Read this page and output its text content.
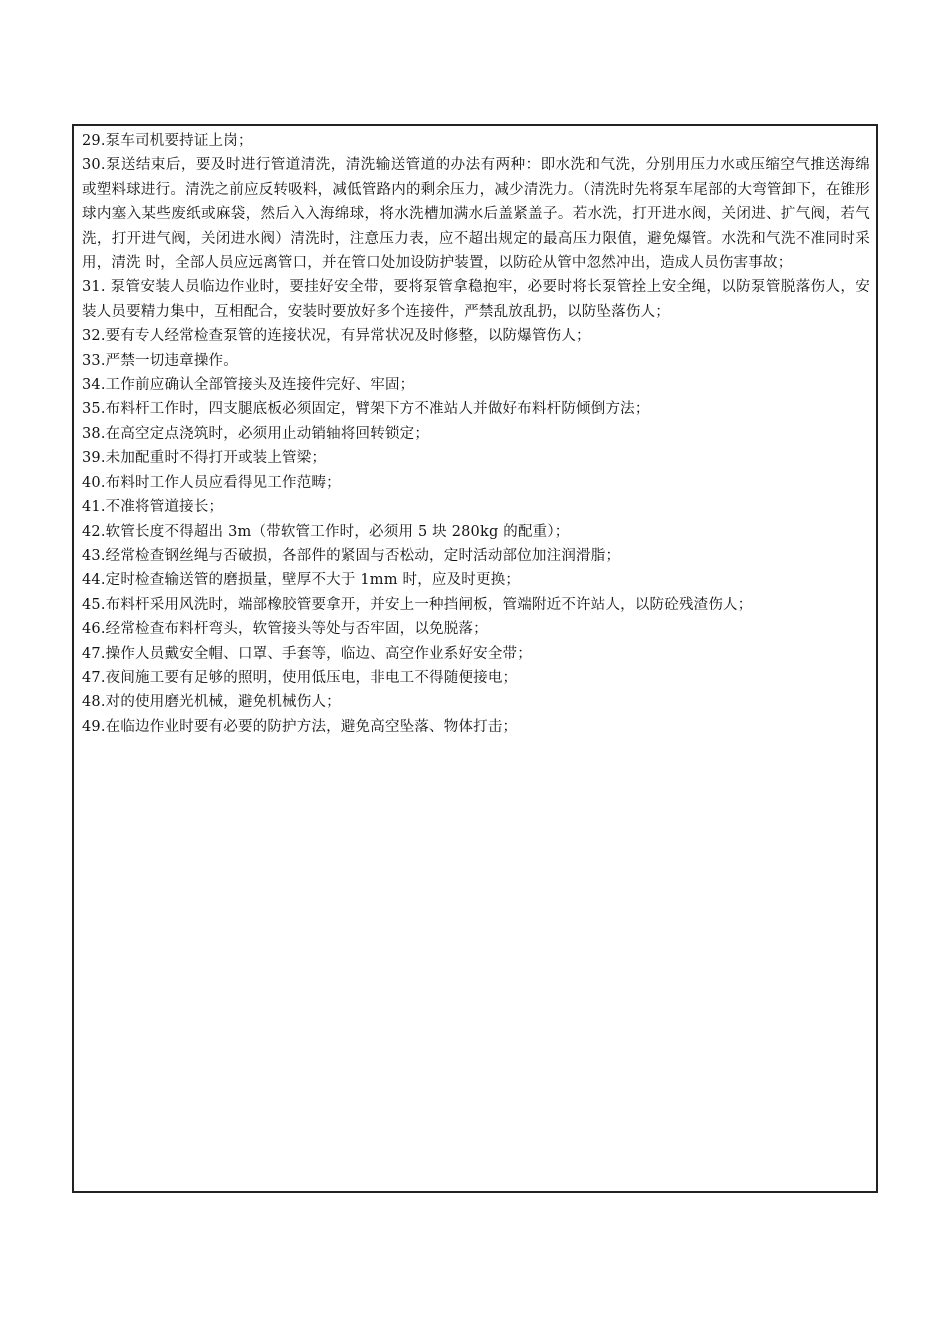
29.泵车司机要持证上岗；
30.泵送结束后，要及时进行管道清洗，清洗输送管道的办法有两种：即水洗和气洗，分别用压力水或压缩空气推送海绵或塑料球进行。清洗之前应反转吸料，减低管路内的剩余压力，减少清洗力。（清洗时先将泵车尾部的大弯管卸下，在锥形球内塞入某些废纸或麻袋，然后入入海绵球，将水洗槽加满水后盖紧盖子。若水洗，打开进水阀，关闭进、扩气阀，若气洗，打开进气阀，关闭进水阀）清洗时，注意压力表，应不超出规定的最高压力限值，避免爆管。水洗和气洗不准同时采用，清洗 时，全部人员应远离管口，并在管口处加设防护装置，以防砼从管中忽然冲出，造成人员伤害事故；
31. 泵管安装人员临边作业时，要挂好安全带，要将泵管拿稳抱牢，必要时将长泵管拴上安全绳，以防泵管脱落伤人，安装人员要精力集中，互相配合，安装时要放好多个连接件，严禁乱放乱扔，以防坠落伤人；
32.要有专人经常检查泵管的连接状况，有异常状况及时修整，以防爆管伤人；
33.严禁一切违章操作。
34.工作前应确认全部管接头及连接件完好、牢固；
35.布料杆工作时，四支腿底板必须固定，臂架下方不准站人并做好布料杆防倾倒方法；
38.在高空定点浇筑时，必须用止动销轴将回转锁定；
39.未加配重时不得打开或装上管梁；
40.布料时工作人员应看得见工作范畴；
41.不准将管道接长；
42.软管长度不得超出 3m（带软管工作时，必须用 5 块 280kg 的配重）；
43.经常检查钢丝绳与否破损，各部件的紧固与否松动，定时活动部位加注润滑脂；
44.定时检查输送管的磨损量，壁厚不大于 1mm 时，应及时更换；
45.布料杆采用风洗时，端部橡胶管要拿开，并安上一种挡闸板，管端附近不许站人，以防砼残渣伤人；
46.经常检查布料杆弯头，软管接头等处与否牢固，以免脱落；
47.操作人员戴安全帽、口罩、手套等，临边、高空作业系好安全带；
47.夜间施工要有足够的照明，使用低压电，非电工不得随便接电；
48.对的使用磨光机械，避免机械伤人；
49.在临边作业时要有必要的防护方法，避免高空坠落、物体打击；
